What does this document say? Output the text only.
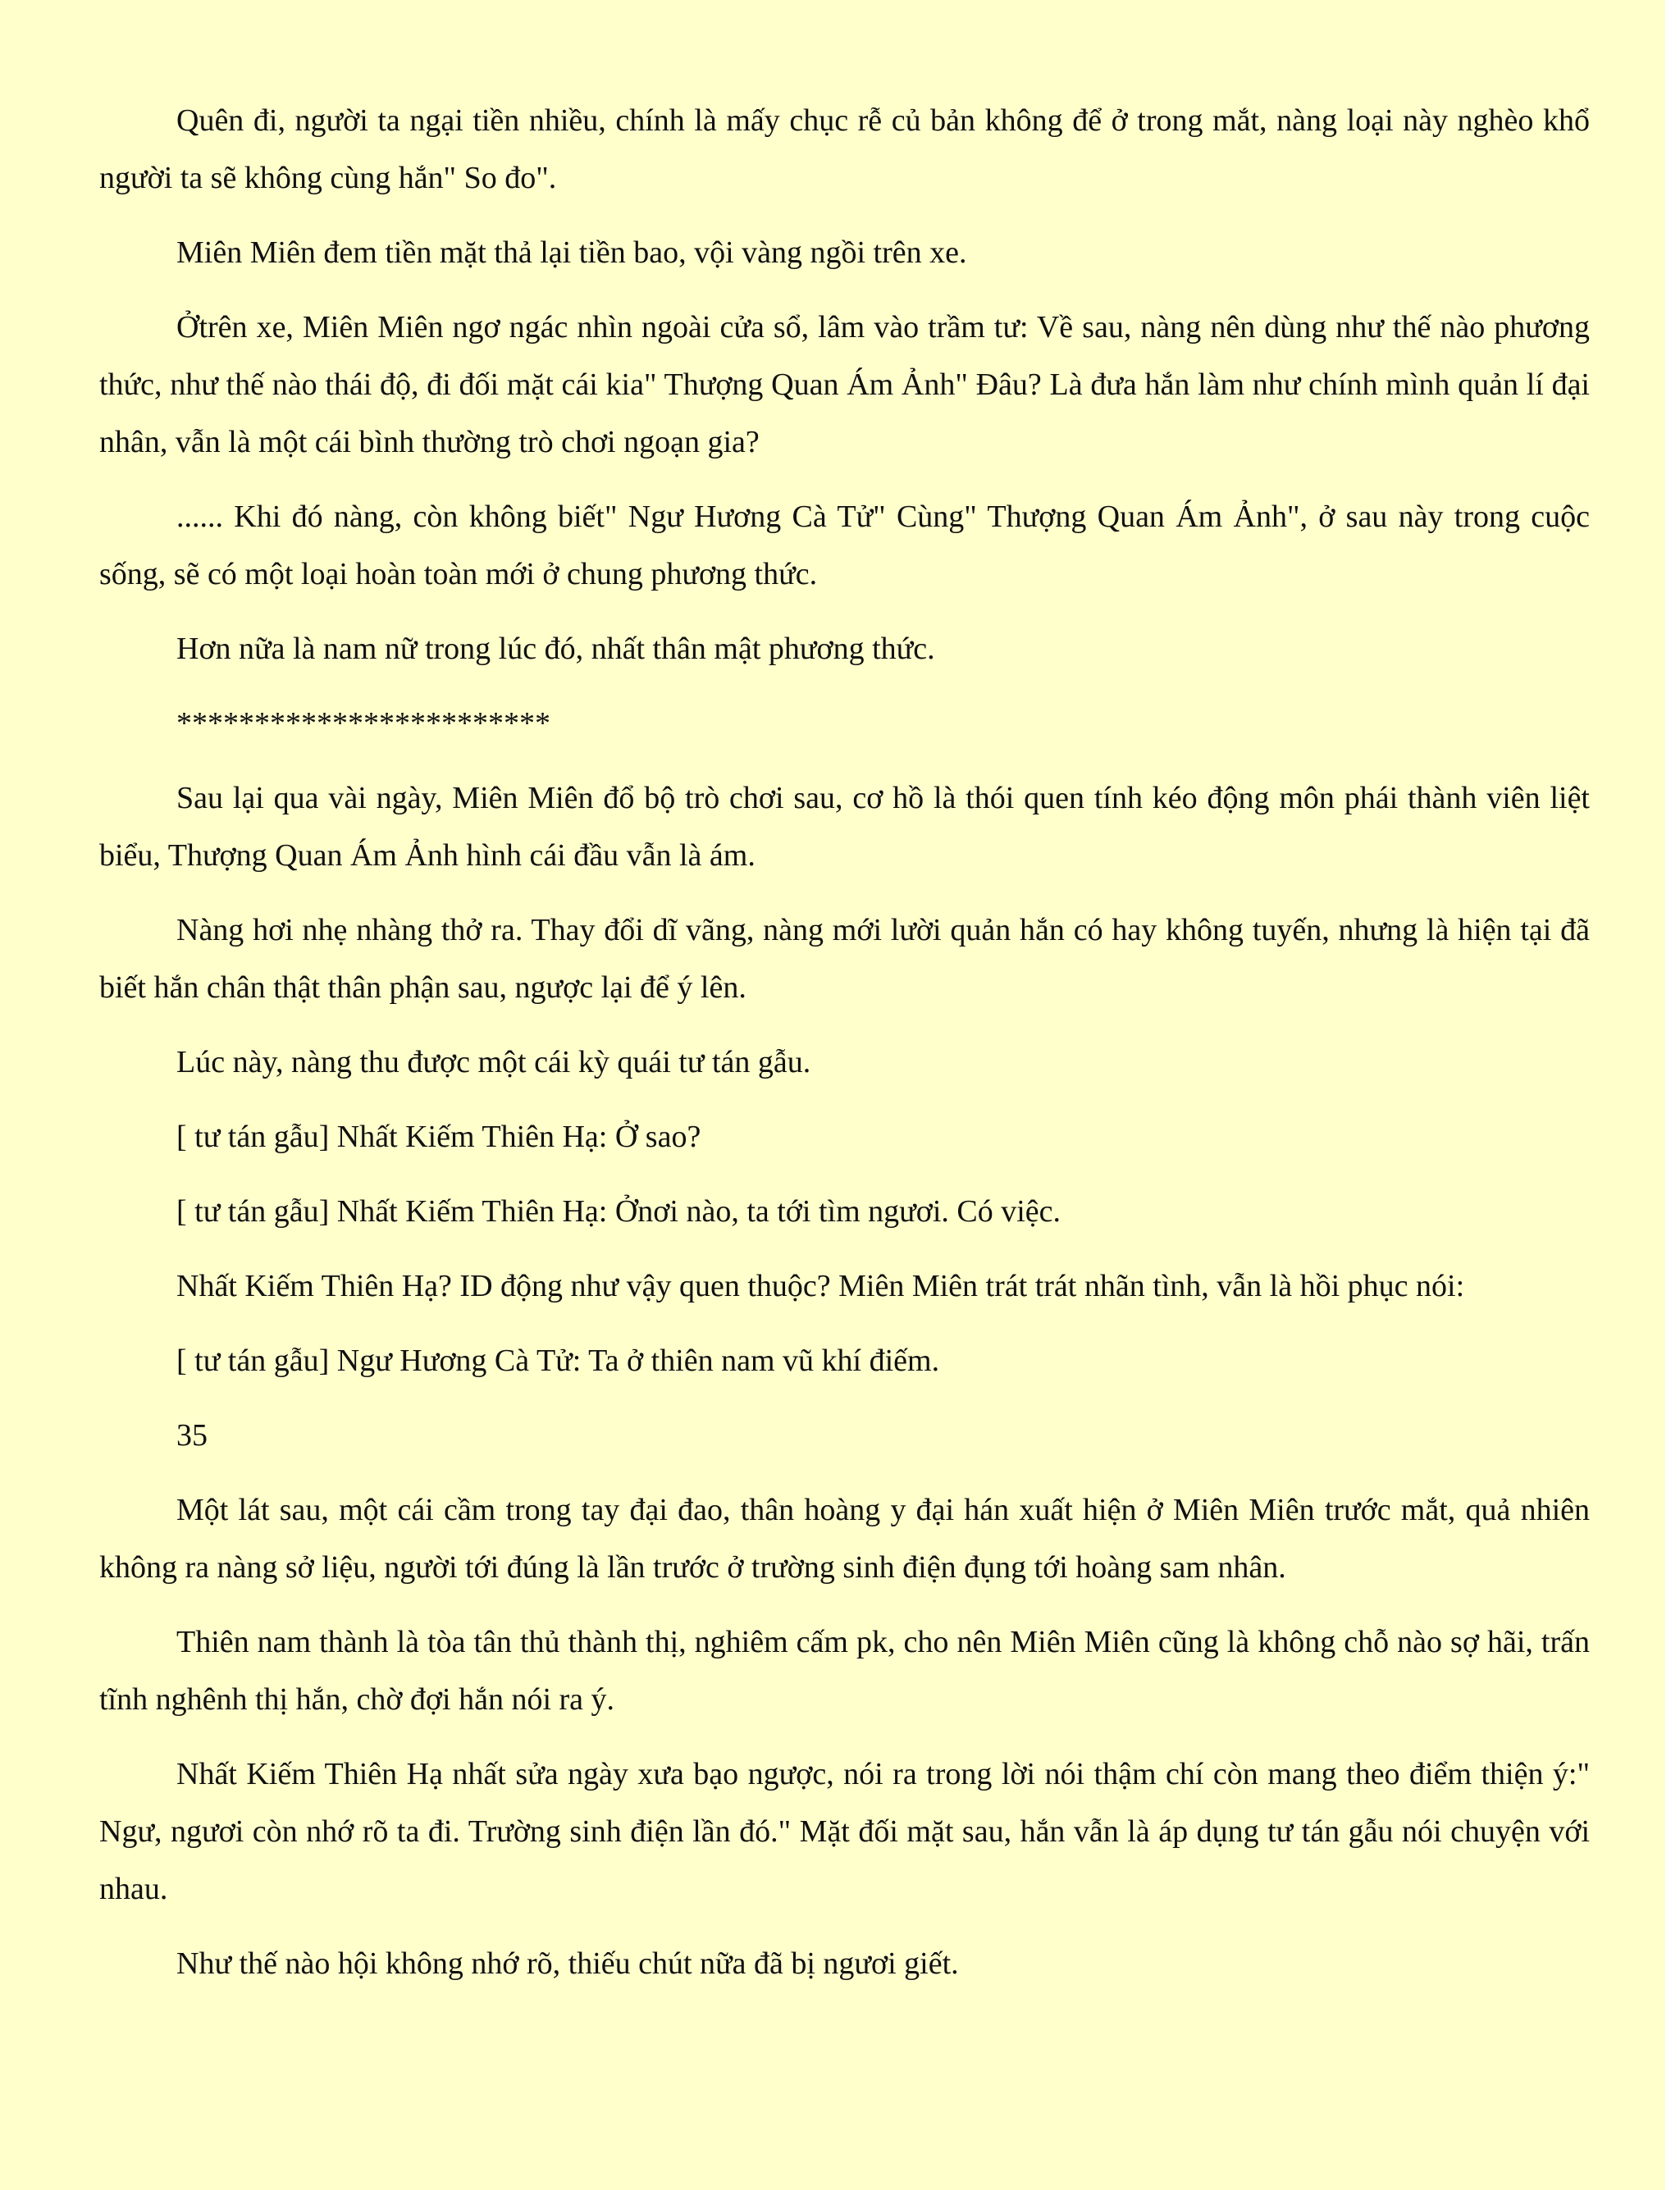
Quên đi, người ta ngại tiền nhiều, chính là mấy chục rễ củ bản không để ở trong mắt, nàng loại này nghèo khổ người ta sẽ không cùng hắn" So đo".

Miên Miên đem tiền mặt thả lại tiền bao, vội vàng ngồi trên xe.

Ởtrên xe, Miên Miên ngơ ngác nhìn ngoài cửa sổ, lâm vào trầm tư: Về sau, nàng nên dùng như thế nào phương thức, như thế nào thái độ, đi đối mặt cái kia" Thượng Quan Ám Ảnh" Đâu? Là đưa hắn làm như chính mình quản lí đại nhân, vẫn là một cái bình thường trò chơi ngoạn gia?

...... Khi đó nàng, còn không biết" Ngư Hương Cà Tử" Cùng" Thượng Quan Ám Ảnh", ở sau này trong cuộc sống, sẽ có một loại hoàn toàn mới ở chung phương thức.

Hơn nữa là nam nữ trong lúc đó, nhất thân mật phương thức.

************************

Sau lại qua vài ngày, Miên Miên đổ bộ trò chơi sau, cơ hồ là thói quen tính kéo động môn phái thành viên liệt biểu, Thượng Quan Ám Ảnh hình cái đầu vẫn là ám.

Nàng hơi nhẹ nhàng thở ra. Thay đổi dĩ vãng, nàng mới lười quản hắn có hay không tuyến, nhưng là hiện tại đã biết hắn chân thật thân phận sau, ngược lại để ý lên.

Lúc này, nàng thu được một cái kỳ quái tư tán gẫu.

[ tư tán gẫu] Nhất Kiếm Thiên Hạ: Ở sao?

[ tư tán gẫu] Nhất Kiếm Thiên Hạ: Ởnơi nào, ta tới tìm ngươi. Có việc.

Nhất Kiếm Thiên Hạ? ID động như vậy quen thuộc? Miên Miên trát trát nhãn tình, vẫn là hồi phục nói:

[ tư tán gẫu] Ngư Hương Cà Tử: Ta ở thiên nam vũ khí điếm.

35

Một lát sau, một cái cầm trong tay đại đao, thân hoàng y đại hán xuất hiện ở Miên Miên trước mắt, quả nhiên không ra nàng sở liệu, người tới đúng là lần trước ở trường sinh điện đụng tới hoàng sam nhân.

Thiên nam thành là tòa tân thủ thành thị, nghiêm cấm pk, cho nên Miên Miên cũng là không chỗ nào sợ hãi, trấn tĩnh nghênh thị hắn, chờ đợi hắn nói ra ý.

Nhất Kiếm Thiên Hạ nhất sửa ngày xưa bạo ngược, nói ra trong lời nói thậm chí còn mang theo điểm thiện ý:" Ngư, ngươi còn nhớ rõ ta đi. Trường sinh điện lần đó." Mặt đối mặt sau, hắn vẫn là áp dụng tư tán gẫu nói chuyện với nhau.

Như thế nào hội không nhớ rõ, thiếu chút nữa đã bị ngươi giết.
